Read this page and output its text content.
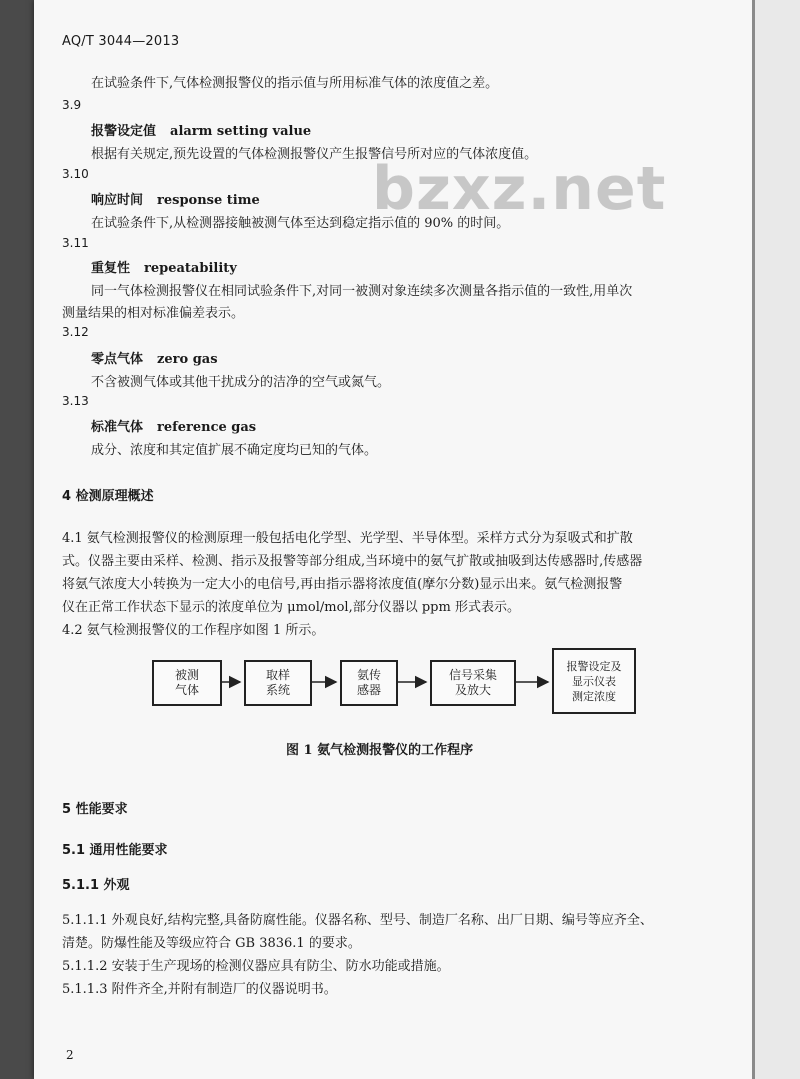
AQ/T 3044—2013
在试验条件下,气体检测报警仪的指示值与所用标准气体的浓度值之差。
3.9
报警设定值 alarm setting value
根据有关规定,预先设置的气体检测报警仪产生报警信号所对应的气体浓度值。
3.10
响应时间 response time
在试验条件下,从检测器接触被测气体至达到稳定指示值的 90% 的时间。
3.11
重复性 repeatability
同一气体检测报警仪在相同试验条件下,对同一被测对象连续多次测量各指示值的一致性,用单次
测量结果的相对标准偏差表示。
3.12
零点气体 zero gas
不含被测气体或其他干扰成分的洁净的空气或氮气。
3.13
标准气体 reference gas
成分、浓度和其定值扩展不确定度均已知的气体。
4 检测原理概述
4.1 氨气检测报警仪的检测原理一般包括电化学型、光学型、半导体型。采样方式分为泵吸式和扩散
式。仪器主要由采样、检测、指示及报警等部分组成,当环境中的氨气扩散或抽吸到达传感器时,传感器
将氨气浓度大小转换为一定大小的电信号,再由指示器将浓度值(摩尔分数)显示出来。氨气检测报警
仪在正常工作状态下显示的浓度单位为 μmol/mol,部分仪器以 ppm 形式表示。
4.2 氨气检测报警仪的工作程序如图 1 所示。
被测
气体
取样
系统
氨传
感器
信号采集
及放大
报警设定及
显示仪表
测定浓度
图 1 氨气检测报警仪的工作程序
5 性能要求
5.1 通用性能要求
5.1.1 外观
5.1.1.1 外观良好,结构完整,具备防腐性能。仪器名称、型号、制造厂名称、出厂日期、编号等应齐全、
清楚。防爆性能及等级应符合 GB 3836.1 的要求。
5.1.1.2 安装于生产现场的检测仪器应具有防尘、防水功能或措施。
5.1.1.3 附件齐全,并附有制造厂的仪器说明书。
bzxz.net
2
